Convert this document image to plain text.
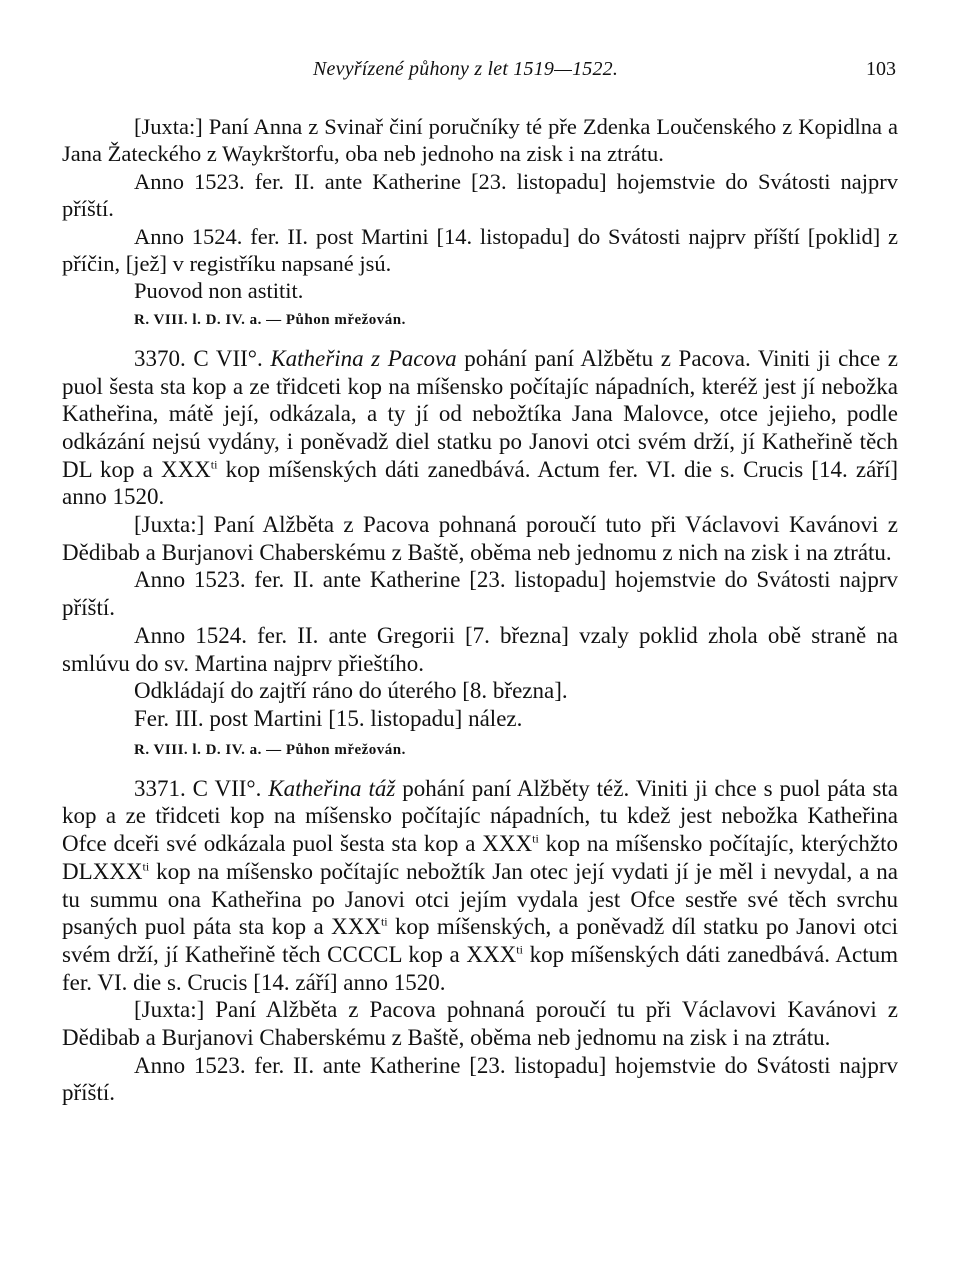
Nevyřízené půhony z let 1519—1522.	103

[Juxta:] Paní Anna z Svinař činí poručníky té pře Zdenka Loučenského z Kopidlna a Jana Žateckého z Waykrštorfu, oba neb jednoho na zisk i na ztrátu.

Anno 1523. fer. II. ante Katherine [23. listopadu] hojemstvie do Svátosti najprv příští.

Anno 1524. fer. II. post Martini [14. listopadu] do Svátosti najprv příští [poklid] z příčin, [jež] v registříku napsané jsú.

Puovod non astitit.

R. VIII. l. D. IV. a. — Půhon mřežován.

3370. C VII°. Katheřina z Pacova pohání paní Alžbětu z Pacova. Viniti ji chce z puol šesta sta kop a ze třidceti kop na míšensko počítajíc nápadních, kteréž jest jí nebožka Katheřina, mátě její, odkázala, a ty jí od nebožtíka Jana Malovce, otce jejieho, podle odkázání nejsú vydány, i poněvadž diel statku po Janovi otci svém drží, jí Katheřině těch DL kop a $XXX^{ti}$ kop míšenských dáti zanedbává. Actum fer. VI. die s. Crucis [14. září] anno 1520.

[Juxta:] Paní Alžběta z Pacova pohnaná poroučí tuto při Václavovi Kavánovi z Dědibab a Burjanovi Chaberskému z Baště, oběma neb jednomu z nich na zisk i na ztrátu.

Anno 1523. fer. II. ante Katherine [23. listopadu] hojemstvie do Svátosti najprv příští.

Anno 1524. fer. II. ante Gregorii [7. března] vzaly poklid zhola obě straně na smlúvu do sv. Martina najprv přieštího.

Odkládají do zajtří ráno do úterého [8. března].

Fer. III. post Martini [15. listopadu] nález.

R. VIII. l. D. IV. a. — Půhon mřežován.

3371. C VII°. Katheřina táž pohání paní Alžběty též. Viniti ji chce s puol páta sta kop a ze třidceti kop na míšensko počítajíc nápadních, tu kdež jest nebožka Katheřina Ofce dceři své odkázala puol šesta sta kop a $XXX^{ti}$ kop na míšensko počítajíc, kterýchžto $DLXXX^{ti}$ kop na míšensko počítajíc nebožtík Jan otec její vydati jí je měl i nevydal, a na tu summu ona Katheřina po Janovi otci jejím vydala jest Ofce sestře své těch svrchu psaných puol páta sta kop a $XXX^{ti}$ kop míšenských, a poněvadž díl statku po Janovi otci svém drží, jí Katheřině těch CCCCL kop a $XXX^{ti}$ kop míšenských dáti zanedbává. Actum fer. VI. die s. Crucis [14. září] anno 1520.

[Juxta:] Paní Alžběta z Pacova pohnaná poroučí tu při Václavovi Kavánovi z Dědibab a Burjanovi Chaberskému z Baště, oběma neb jednomu na zisk i na ztrátu.

Anno 1523. fer. II. ante Katherine [23. listopadu] hojemstvie do Svátosti najprv příští.
